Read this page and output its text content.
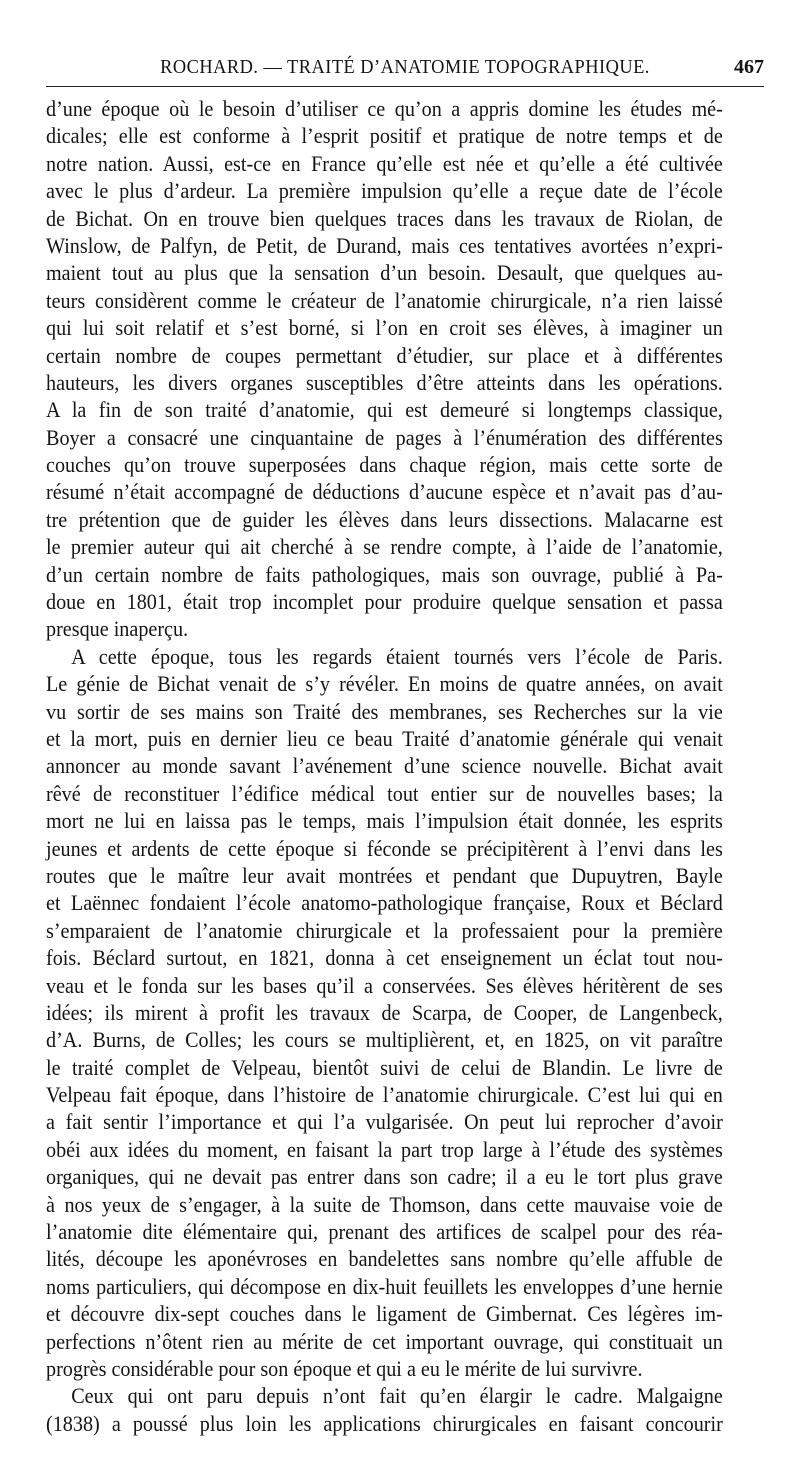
ROCHARD. — TRAITÉ D’ANATOMIE TOPOGRAPHIQUE.	467
d’une époque où le besoin d’utiliser ce qu’on a appris domine les études mé-
dicales; elle est conforme à l’esprit positif et pratique de notre temps et de
notre nation. Aussi, est-ce en France qu’elle est née et qu’elle a été cultivée
avec le plus d’ardeur. La première impulsion qu’elle a reçue date de l’école
de Bichat. On en trouve bien quelques traces dans les travaux de Riolan, de
Winslow, de Palfyn, de Petit, de Durand, mais ces tentatives avortées n’expri-
maient tout au plus que la sensation d’un besoin. Desault, que quelques au-
teurs considèrent comme le créateur de l’anatomie chirurgicale, n’a rien laissé
qui lui soit relatif et s’est borné, si l’on en croit ses élèves, à imaginer un
certain nombre de coupes permettant d’étudier, sur place et à différentes
hauteurs, les divers organes susceptibles d’être atteints dans les opérations.
A la fin de son traité d’anatomie, qui est demeuré si longtemps classique,
Boyer a consacré une cinquantaine de pages à l’énumération des différentes
couches qu’on trouve superposées dans chaque région, mais cette sorte de
résumé n’était accompagné de déductions d’aucune espèce et n’avait pas d’au-
tre prétention que de guider les élèves dans leurs dissections. Malacarne est
le premier auteur qui ait cherché à se rendre compte, à l’aide de l’anatomie,
d’un certain nombre de faits pathologiques, mais son ouvrage, publié à Pa-
doue en 1801, était trop incomplet pour produire quelque sensation et passa
presque inaperçu.
A cette époque, tous les regards étaient tournés vers l’école de Paris.
Le génie de Bichat venait de s’y révéler. En moins de quatre années, on avait
vu sortir de ses mains son Traité des membranes, ses Recherches sur la vie
et la mort, puis en dernier lieu ce beau Traité d’anatomie générale qui venait
annoncer au monde savant l’avénement d’une science nouvelle. Bichat avait
rêvé de reconstituer l’édifice médical tout entier sur de nouvelles bases; la
mort ne lui en laissa pas le temps, mais l’impulsion était donnée, les esprits
jeunes et ardents de cette époque si féconde se précipitèrent à l’envi dans les
routes que le maître leur avait montrées et pendant que Dupuytren, Bayle
et Laënnec fondaient l’école anatomo-pathologique française, Roux et Béclard
s’emparaient de l’anatomie chirurgicale et la professaient pour la première
fois. Béclard surtout, en 1821, donna à cet enseignement un éclat tout nou-
veau et le fonda sur les bases qu’il a conservées. Ses élèves héritèrent de ses
idées; ils mirent à profit les travaux de Scarpa, de Cooper, de Langenbeck,
d’A. Burns, de Colles; les cours se multiplièrent, et, en 1825, on vit paraître
le traité complet de Velpeau, bientôt suivi de celui de Blandin. Le livre de
Velpeau fait époque, dans l’histoire de l’anatomie chirurgicale. C’est lui qui en
a fait sentir l’importance et qui l’a vulgarisée. On peut lui reprocher d’avoir
obéi aux idées du moment, en faisant la part trop large à l’étude des systèmes
organiques, qui ne devait pas entrer dans son cadre; il a eu le tort plus grave
à nos yeux de s’engager, à la suite de Thomson, dans cette mauvaise voie de
l’anatomie dite élémentaire qui, prenant des artifices de scalpel pour des réa-
lités, découpe les aponévroses en bandelettes sans nombre qu’elle affuble de
noms particuliers, qui décompose en dix-huit feuillets les enveloppes d’une hernie
et découvre dix-sept couches dans le ligament de Gimbernat. Ces légères im-
perfections n’ôtent rien au mérite de cet important ouvrage, qui constituait un
progrès considérable pour son époque et qui a eu le mérite de lui survivre.
Ceux qui ont paru depuis n’ont fait qu’en élargir le cadre. Malgaigne
(1838) a poussé plus loin les applications chirurgicales en faisant concourir
